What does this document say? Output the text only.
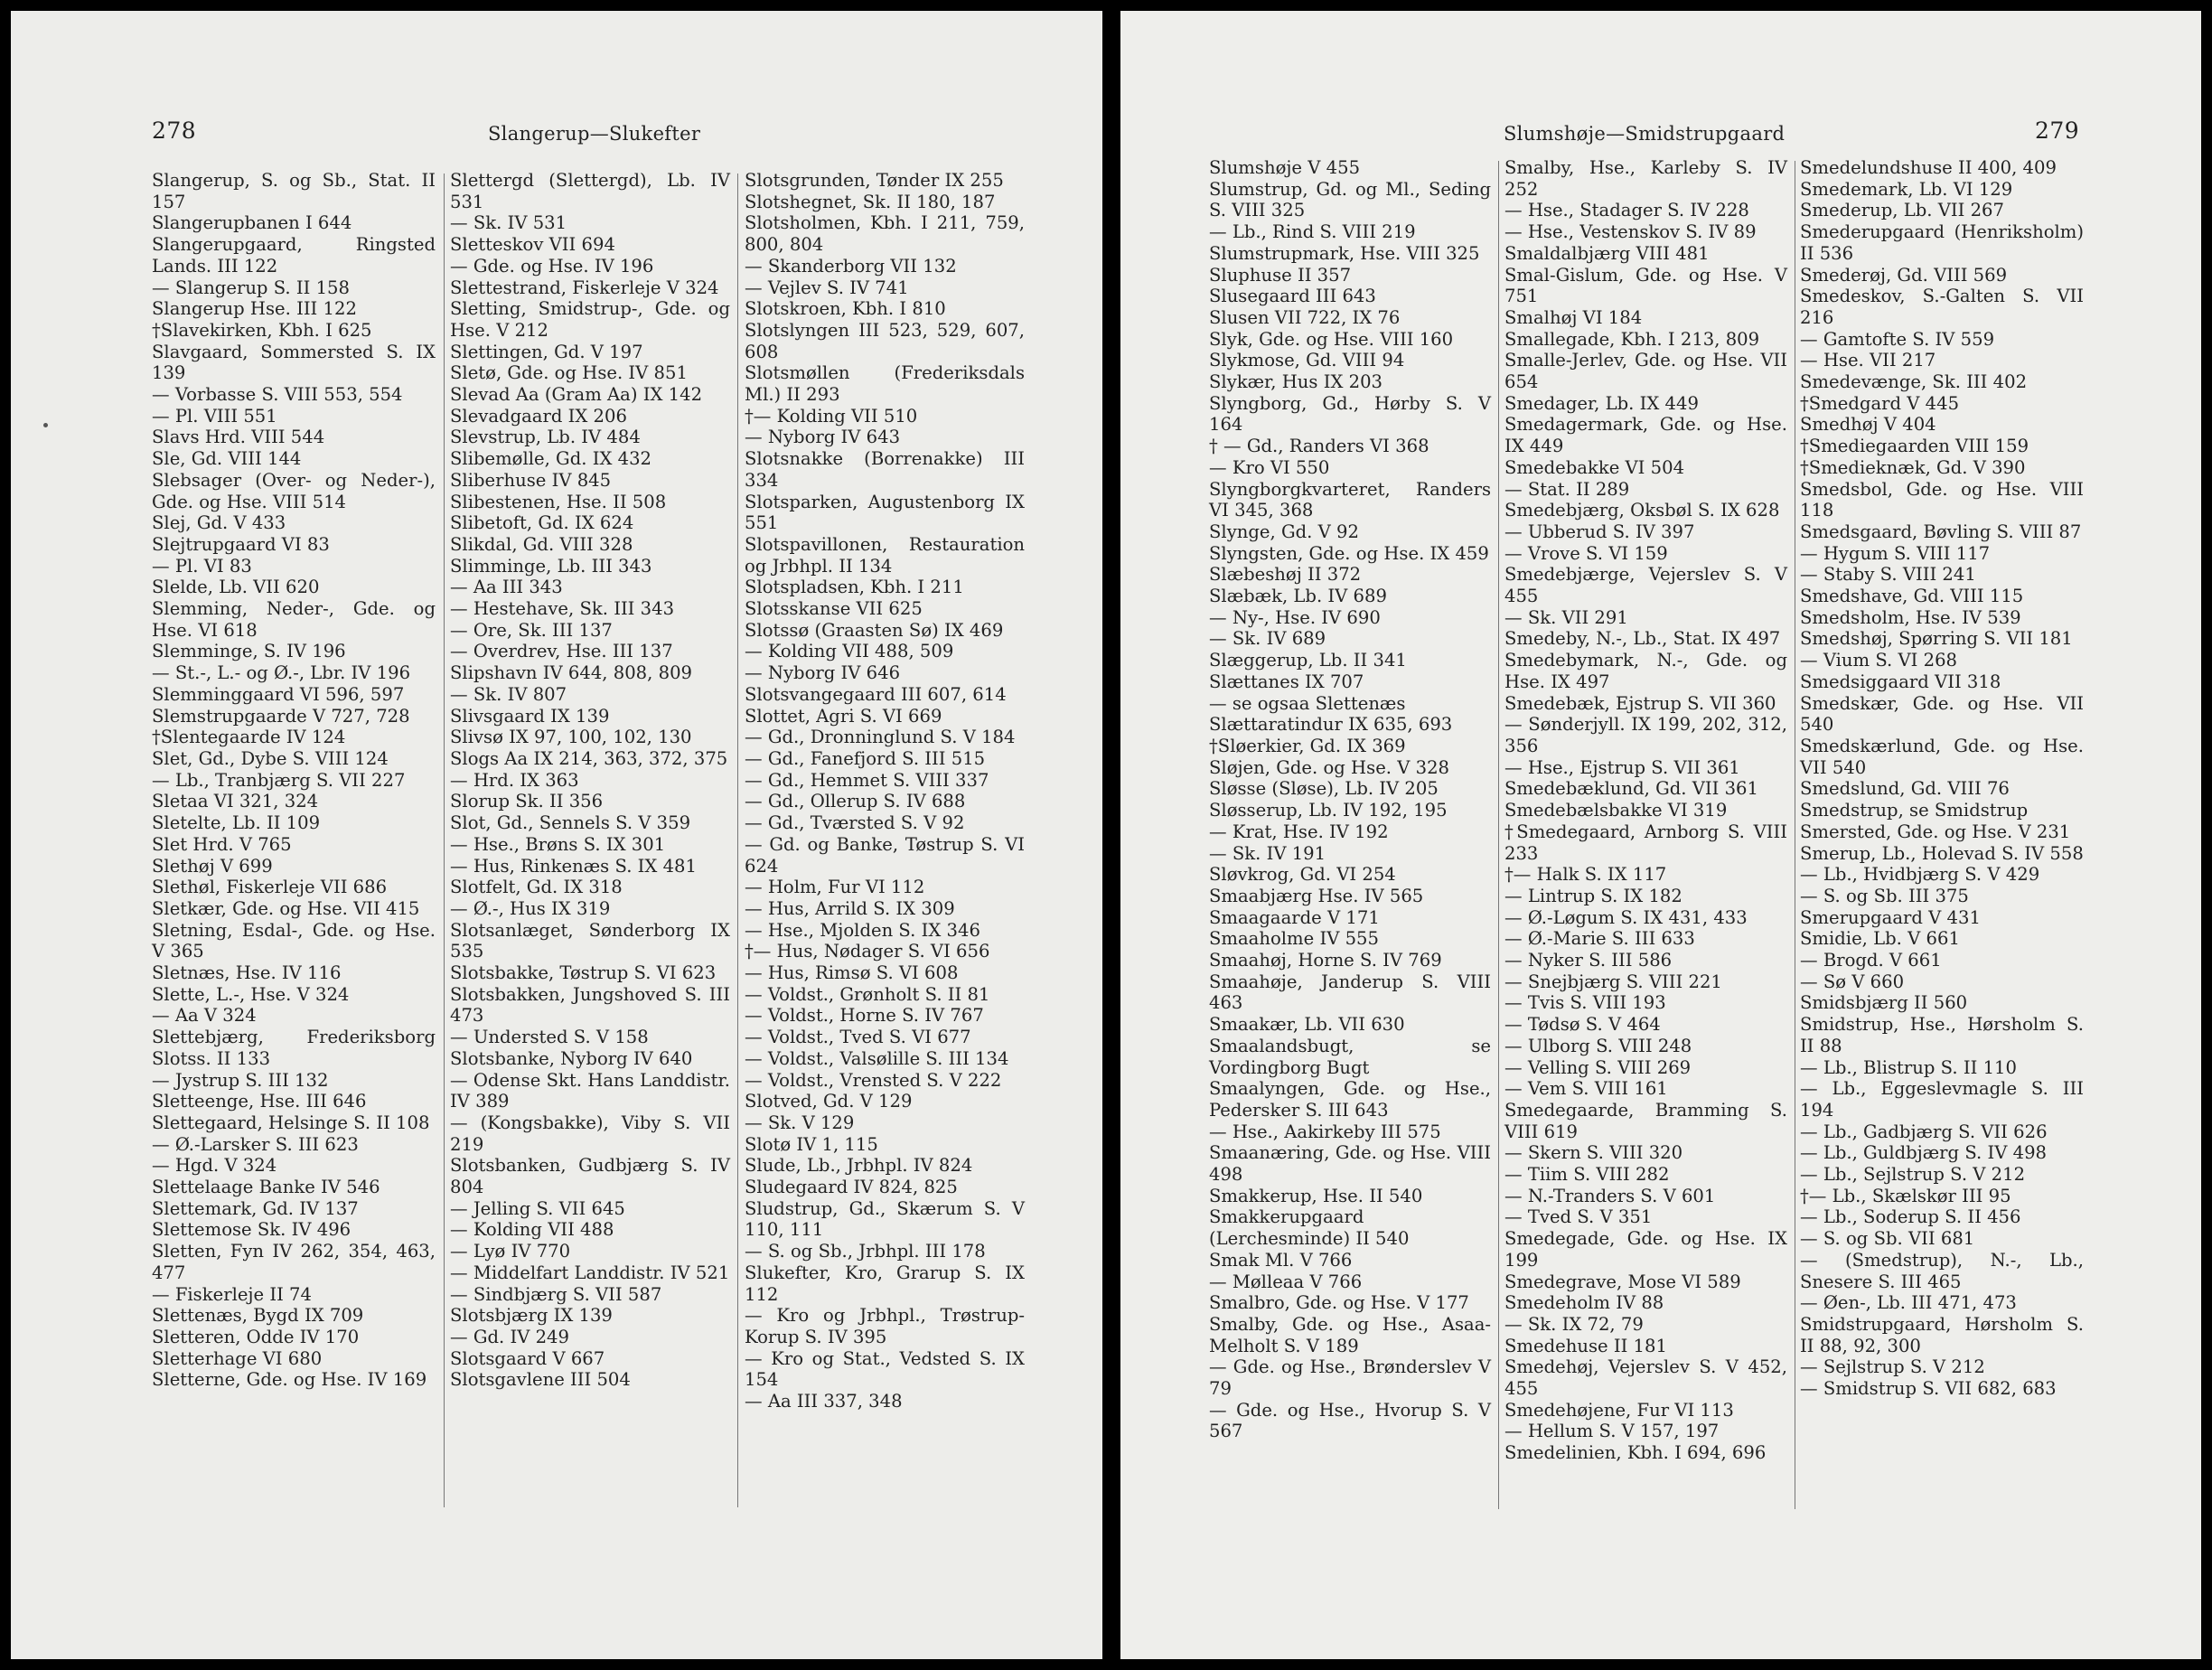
278	Slangerup—Slukefter
Slangerup, S. og Sb., Stat. II 157
Slangerupbanen I 644
Slangerupgaard, Ringsted Lands. III 122
— Slangerup S. II 158
Slangerup Hse. III 122
†Slavekirken, Kbh. I 625
Slavgaard, Sommersted S. IX 139
— Vorbasse S. VIII 553, 554
— Pl. VIII 551
Slavs Hrd. VIII 544
Sle, Gd. VIII 144
Slebsager (Over- og Neder-), Gde. og Hse. VIII 514
Slej, Gd. V 433
Slejtrupgaard VI 83
— Pl. VI 83
Slelde, Lb. VII 620
Slemming, Neder-, Gde. og Hse. VI 618
Slemminge, S. IV 196
— St.-, L.- og Ø.-, Lbr. IV 196
Slemminggaard VI 596, 597
Slemstrupgaarde V 727, 728
†Slentegaarde IV 124
Slet, Gd., Dybe S. VIII 124
— Lb., Tranbjærg S. VII 227
Sletaa VI 321, 324
Sletelte, Lb. II 109
Slet Hrd. V 765
Slethøj V 699
Slethøl, Fiskerleje VII 686
Sletkær, Gde. og Hse. VII 415
Sletning, Esdal-, Gde. og Hse. V 365
Sletnæs, Hse. IV 116
Slette, L.-, Hse. V 324
— Aa V 324
Slettebjærg, Frederiksborg Slotss. II 133
— Jystrup S. III 132
Sletteenge, Hse. III 646
Slettegaard, Helsinge S. II 108
— Ø.-Larsker S. III 623
— Hgd. V 324
Slettelaage Banke IV 546
Slettemark, Gd. IV 137
Slettemose Sk. IV 496
Sletten, Fyn IV 262, 354, 463, 477
— Fiskerleje II 74
Slettenæs, Bygd IX 709
Sletteren, Odde IV 170
Sletterhage VI 680
Sletterne, Gde. og Hse. IV 169
Slettergd (Slettergd), Lb. IV 531
— Sk. IV 531
Sletteskov VII 694
— Gde. og Hse. IV 196
Slettestrand, Fiskerleje V 324
Sletting, Smidstrup-, Gde. og Hse. V 212
Slettingen, Gd. V 197
Sletø, Gde. og Hse. IV 851
Slevad Aa (Gram Aa) IX 142
Slevadgaard IX 206
Slevstrup, Lb. IV 484
Slibemølle, Gd. IX 432
Sliberhuse IV 845
Slibestenen, Hse. II 508
Slibetoft, Gd. IX 624
Slikdal, Gd. VIII 328
Slimminge, Lb. III 343
— Aa III 343
— Hestehave, Sk. III 343
— Ore, Sk. III 137
— Overdrev, Hse. III 137
Slipshavn IV 644, 808, 809
— Sk. IV 807
Slivsgaard IX 139
Slivsø IX 97, 100, 102, 130
Slogs Aa IX 214, 363, 372, 375
— Hrd. IX 363
Slorup Sk. II 356
Slot, Gd., Sennels S. V 359
— Hse., Brøns S. IX 301
— Hus, Rinkenæs S. IX 481
Slotfelt, Gd. IX 318
— Ø.-, Hus IX 319
Slotsanlæget, Sønderborg IX 535
Slotsbakke, Tøstrup S. VI 623
Slotsbakken, Jungshoved S. III 473
— Understed S. V 158
Slotsbanke, Nyborg IV 640
— Odense Skt. Hans Landdistr. IV 389
— (Kongsbakke), Viby S. VII 219
Slotsbanken, Gudbjærg S. IV 804
— Jelling S. VII 645
— Kolding VII 488
— Lyø IV 770
— Middelfart Landdistr. IV 521
— Sindbjærg S. VII 587
Slotsbjærg IX 139
— Gd. IV 249
Slotsgaard V 667
Slotsgavlene III 504
Slotsgrunden, Tønder IX 255
Slotshegnet, Sk. II 180, 187
Slotsholmen, Kbh. I 211, 759, 800, 804
— Skanderborg VII 132
— Vejlev S. IV 741
Slotskroen, Kbh. I 810
Slotslyngen III 523, 529, 607, 608
Slotsmøllen (Frederiksdals Ml.) II 293
†— Kolding VII 510
— Nyborg IV 643
Slotsnakke (Borrenakke) III 334
Slotsparken, Augustenborg IX 551
Slotspavillonen, Restauration og Jrbhpl. II 134
Slotspladsen, Kbh. I 211
Slotsskanse VII 625
Slotssø (Graasten Sø) IX 469
— Kolding VII 488, 509
— Nyborg IV 646
Slotsvangegaard III 607, 614
Slottet, Agri S. VI 669
— Gd., Dronninglund S. V 184
— Gd., Fanefjord S. III 515
— Gd., Hemmet S. VIII 337
— Gd., Ollerup S. IV 688
— Gd., Tværsted S. V 92
— Gd. og Banke, Tøstrup S. VI 624
— Holm, Fur VI 112
— Hus, Arrild S. IX 309
— Hse., Mjolden S. IX 346
†— Hus, Nødager S. VI 656
— Hus, Rimsø S. VI 608
— Voldst., Grønholt S. II 81
— Voldst., Horne S. IV 767
— Voldst., Tved S. VI 677
— Voldst., Valsølille S. III 134
— Voldst., Vrensted S. V 222
Slotved, Gd. V 129
— Sk. V 129
Slotø IV 1, 115
Slude, Lb., Jrbhpl. IV 824
Sludegaard IV 824, 825
Sludstrup, Gd., Skærum S. V 110, 111
— S. og Sb., Jrbhpl. III 178
Slukefter, Kro, Grarup S. IX 112
— Kro og Jrbhpl., Trøstrup-Korup S. IV 395
— Kro og Stat., Vedsted S. IX 154
— Aa III 337, 348
Slumshøje—Smidstrupgaard	279
Slumshøje V 455
Slumstrup, Gd. og Ml., Seding S. VIII 325
— Lb., Rind S. VIII 219
Slumstrupmark, Hse. VIII 325
Sluphuse II 357
Slusegaard III 643
Slusen VII 722, IX 76
Slyk, Gde. og Hse. VIII 160
Slykmose, Gd. VIII 94
Slykær, Hus IX 203
Slyngborg, Gd., Hørby S. V 164
† — Gd., Randers VI 368
— Kro VI 550
Slyngborgkvarteret, Randers VI 345, 368
Slynge, Gd. V 92
Slyngsten, Gde. og Hse. IX 459
Slæbeshøj II 372
Slæbæk, Lb. IV 689
— Ny-, Hse. IV 690
— Sk. IV 689
Slæggerup, Lb. II 341
Slættanes IX 707
— se ogsaa Slettenæs
Slættaratindur IX 635, 693
†Sløerkier, Gd. IX 369
Sløjen, Gde. og Hse. V 328
Sløsse (Sløse), Lb. IV 205
Sløsserup, Lb. IV 192, 195
— Krat, Hse. IV 192
— Sk. IV 191
Sløvkrog, Gd. VI 254
Smaabjærg Hse. IV 565
Smaagaarde V 171
Smaaholme IV 555
Smaahøj, Horne S. IV 769
Smaahøje, Janderup S. VIII 463
Smaakær, Lb. VII 630
Smaalandsbugt, se Vordingborg Bugt
Smaalyngen, Gde. og Hse., Pedersker S. III 643
— Hse., Aakirkeby III 575
Smaanæring, Gde. og Hse. VIII 498
Smakkerup, Hse. II 540
Smakkerupgaard (Lerchesminde) II 540
Smak Ml. V 766
— Mølleaa V 766
Smalbro, Gde. og Hse. V 177
Smalby, Gde. og Hse., Asaa-Melholt S. V 189
— Gde. og Hse., Brønderslev V 79
— Gde. og Hse., Hvorup S. V 567
Smalby, Hse., Karleby S. IV 252
— Hse., Stadager S. IV 228
— Hse., Vestenskov S. IV 89
Smaldalbjærg VIII 481
Smal-Gislum, Gde. og Hse. V 751
Smalhøj VI 184
Smallegade, Kbh. I 213, 809
Smalle-Jerlev, Gde. og Hse. VII 654
Smedager, Lb. IX 449
Smedagermark, Gde. og Hse. IX 449
Smedebakke VI 504
— Stat. II 289
Smedebjærg, Oksbøl S. IX 628
— Ubberud S. IV 397
— Vrove S. VI 159
Smedebjærge, Vejerslev S. V 455
— Sk. VII 291
Smedeby, N.-, Lb., Stat. IX 497
Smedebymark, N.-, Gde. og Hse. IX 497
Smedebæk, Ejstrup S. VII 360
— Sønderjyll. IX 199, 202, 312, 356
— Hse., Ejstrup S. VII 361
Smedebæklund, Gd. VII 361
Smedebælsbakke VI 319
†Smedegaard, Arnborg S. VIII 233
†— Halk S. IX 117
— Lintrup S. IX 182
— Ø.-Løgum S. IX 431, 433
— Ø.-Marie S. III 633
— Nyker S. III 586
— Snejbjærg S. VIII 221
— Tvis S. VIII 193
— Tødsø S. V 464
— Ulborg S. VIII 248
— Velling S. VIII 269
— Vem S. VIII 161
Smedegaarde, Bramming S. VIII 619
— Skern S. VIII 320
— Tiim S. VIII 282
— N.-Tranders S. V 601
— Tved S. V 351
Smedegade, Gde. og Hse. IX 199
Smedegrave, Mose VI 589
Smedeholm IV 88
— Sk. IX 72, 79
Smedehuse II 181
Smedehøj, Vejerslev S. V 452, 455
Smedehøjene, Fur VI 113
— Hellum S. V 157, 197
Smedelinien, Kbh. I 694, 696
Smedelundshuse II 400, 409
Smedemark, Lb. VI 129
Smederup, Lb. VII 267
Smederupgaard (Henriksholm) II 536
Smederøj, Gd. VIII 569
Smedeskov, S.-Galten S. VII 216
— Gamtofte S. IV 559
— Hse. VII 217
Smedevænge, Sk. III 402
†Smedgard V 445
Smedhøj V 404
†Smediegaarden VIII 159
†Smedieknæk, Gd. V 390
Smedsbol, Gde. og Hse. VIII 118
Smedsgaard, Bøvling S. VIII 87
— Hygum S. VIII 117
— Staby S. VIII 241
Smedshave, Gd. VIII 115
Smedsholm, Hse. IV 539
Smedshøj, Spørring S. VII 181
— Vium S. VI 268
Smedsiggaard VII 318
Smedskær, Gde. og Hse. VII 540
Smedskærlund, Gde. og Hse. VII 540
Smedslund, Gd. VIII 76
Smedstrup, se Smidstrup
Smersted, Gde. og Hse. V 231
Smerup, Lb., Holevad S. IV 558
— Lb., Hvidbjærg S. V 429
— S. og Sb. III 375
Smerupgaard V 431
Smidie, Lb. V 661
— Brogd. V 661
— Sø V 660
Smidsbjærg II 560
Smidstrup, Hse., Hørsholm S. II 88
— Lb., Blistrup S. II 110
— Lb., Eggeslevmagle S. III 194
— Lb., Gadbjærg S. VII 626
— Lb., Guldbjærg S. IV 498
— Lb., Sejlstrup S. V 212
†— Lb., Skælskør III 95
— Lb., Soderup S. II 456
— S. og Sb. VII 681
— (Smedstrup), N.-, Lb., Snesere S. III 465
— Øen-, Lb. III 471, 473
Smidstrupgaard, Hørsholm S. II 88, 92, 300
— Sejlstrup S. V 212
— Smidstrup S. VII 682, 683
